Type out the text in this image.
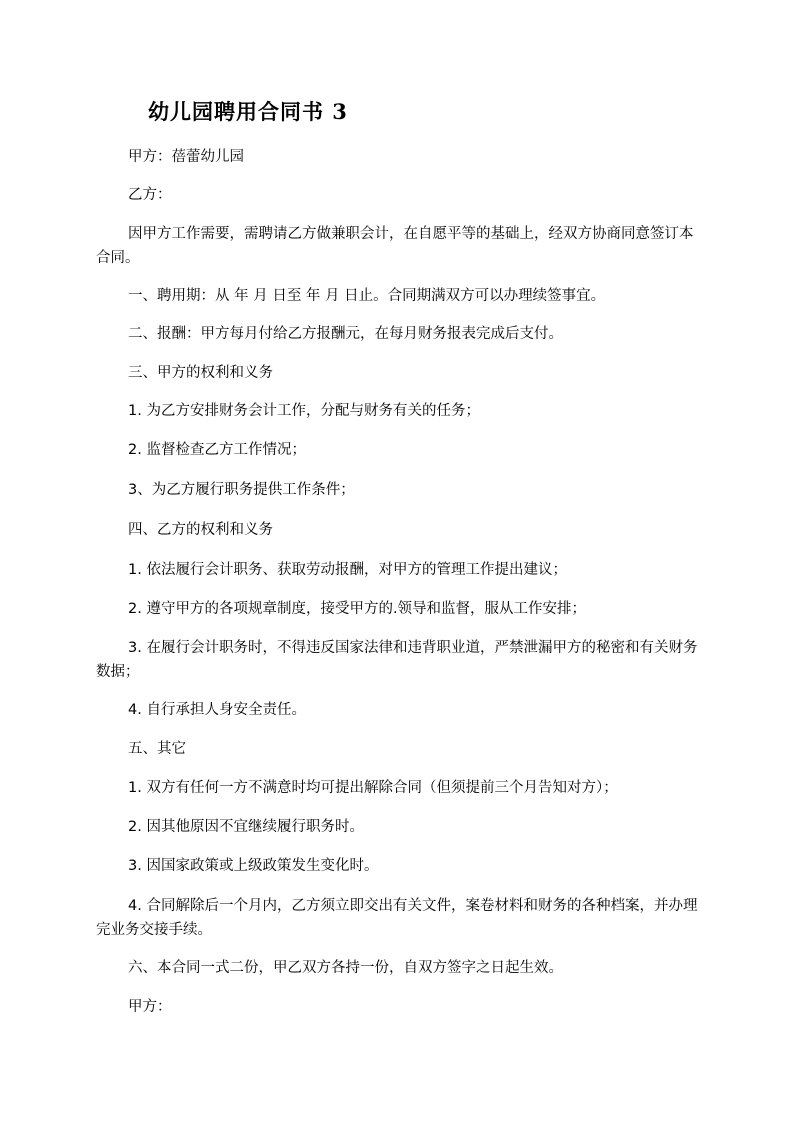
幼儿园聘用合同书 3
甲方：蓓蕾幼儿园
乙方：
因甲方工作需要，需聘请乙方做兼职会计，在自愿平等的基础上，经双方协商同意签订本合同。
一、聘用期：从 年 月 日至 年 月 日止。合同期满双方可以办理续签事宜。
二、报酬：甲方每月付给乙方报酬元，在每月财务报表完成后支付。
三、甲方的权利和义务
1. 为乙方安排财务会计工作，分配与财务有关的任务；
2. 监督检查乙方工作情况；
3、为乙方履行职务提供工作条件；
四、乙方的权利和义务
1. 依法履行会计职务、获取劳动报酬，对甲方的管理工作提出建议；
2. 遵守甲方的各项规章制度，接受甲方的.领导和监督，服从工作安排；
3. 在履行会计职务时，不得违反国家法律和违背职业道，严禁泄漏甲方的秘密和有关财务数据；
4. 自行承担人身安全责任。
五、其它
1. 双方有任何一方不满意时均可提出解除合同（但须提前三个月告知对方）；
2. 因其他原因不宜继续履行职务时。
3. 因国家政策或上级政策发生变化时。
4. 合同解除后一个月内，乙方须立即交出有关文件，案卷材料和财务的各种档案，并办理完业务交接手续。
六、本合同一式二份，甲乙双方各持一份，自双方签字之日起生效。
甲方：
